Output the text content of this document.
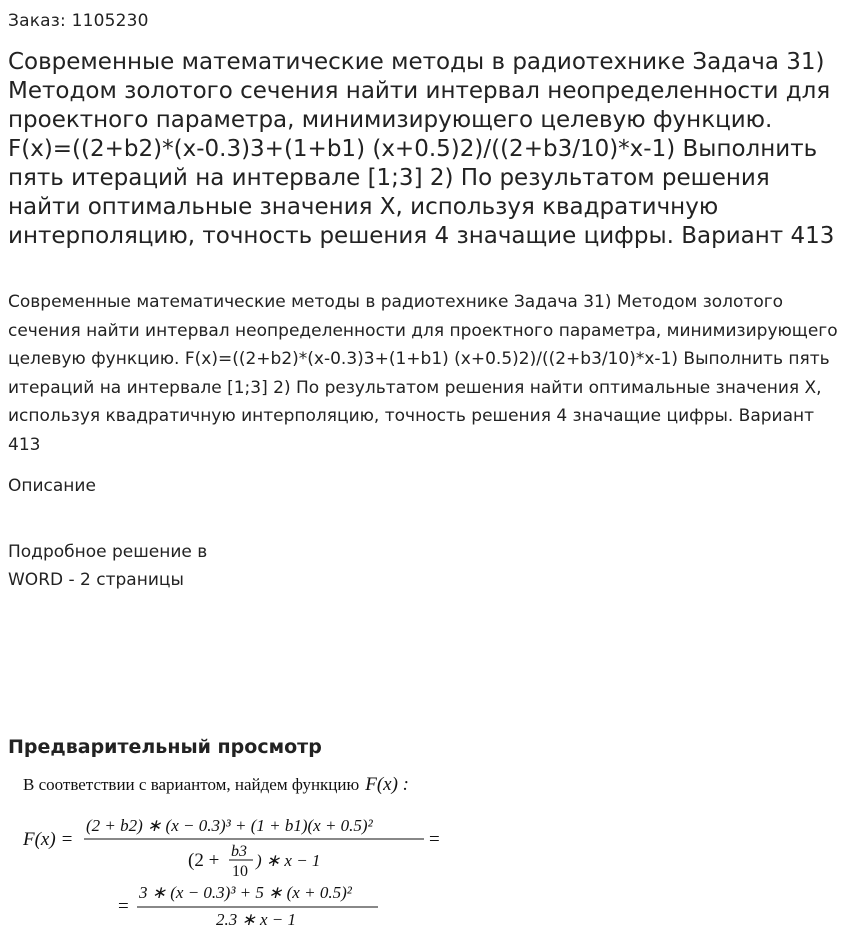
Заказ: 1105230
Современные математические методы в радиотехнике Задача 31) Методом золотого сечения найти интервал неопределенности для проектного параметра, минимизирующего целевую функцию. F(x)=((2+b2)*(x-0.3)3+(1+b1) (x+0.5)2)/((2+b3/10)*x-1) Выполнить пять итераций на интервале [1;3] 2) По результатом решения найти оптимальные значения X, используя квадратичную интерполяцию, точность решения 4 значащие цифры. Вариант 413

Современные математические методы в радиотехнике Задача 31) Методом золотого сечения найти интервал неопределенности для проектного параметра, минимизирующего целевую функцию. F(x)=((2+b2)*(x-0.3)3+(1+b1) (x+0.5)2)/((2+b3/10)*x-1) Выполнить пять итераций на интервале [1;3] 2) По результатом решения найти оптимальные значения X, используя квадратичную интерполяцию, точность решения 4 значащие цифры. Вариант 413

Описание
Подробное решение в WORD - 2 страницы
Предварительный просмотр
В соответствии с вариантом, найдем функцию F(x) :
F(x) =
(2 + b2) ∗ (x − 0.3)³ + (1 + b1)(x + 0.5)²
(2 + b3
10
) ∗ x − 1
=
=
3 ∗ (x − 0.3)³ + 5 ∗ (x + 0.5)²
2.3 ∗ x − 1
